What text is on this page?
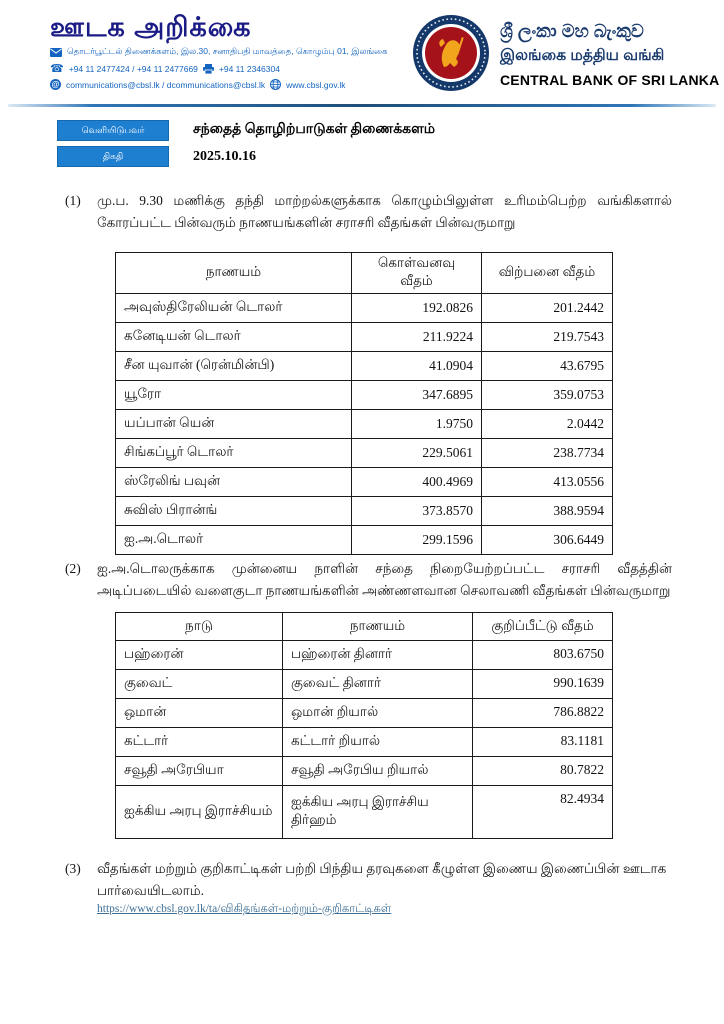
ஊடக அறிக்கை
தொடர்பூட்டல் திணைக்களம், இல.30, சனாதிபதி மாவத்தை, கொழும்பு 01, இலங்கை
☎ +94 11 2477424 / +94 11 2477669 +94 11 2346304
@ communications@cbsl.lk / dcommunications@cbsl.lk www.cbsl.gov.lk
ශ්‍රී ලංකා මහ බැංකුව
இலங்கை மத்திய வங்கி
CENTRAL BANK OF SRI LANKA
வெளியிடுபவர்	சந்தைத் தொழிற்பாடுகள் திணைக்களம்
திகதி	2025.10.16
(1)	மு.ப. 9.30 மணிக்கு தந்தி மாற்றல்களுக்காக கொழும்பிலுள்ள உரிமம்பெற்ற வங்கிகளால் கோரப்பட்ட பின்வரும் நாணயங்களின் சராசரி வீதங்கள் பின்வருமாறு
நாணயம்	கொள்வனவு வீதம்	விற்பனை வீதம்
அவுஸ்திரேலியன் டொலர்	192.0826	201.2442
கனேடியன் டொலர்	211.9224	219.7543
சீன யுவான் (ரென்மின்பி)	41.0904	43.6795
யூரோ	347.6895	359.0753
யப்பான் யென்	1.9750	2.0442
சிங்கப்பூர் டொலர்	229.5061	238.7734
ஸ்ரேலிங் பவுன்	400.4969	413.0556
சுவிஸ் பிரான்ங்	373.8570	388.9594
ஐ.அ.டொலர்	299.1596	306.6449
(2)	ஐ.அ.டொலருக்காக முன்னைய நாளின் சந்தை நிறையேற்றப்பட்ட சராசரி வீதத்தின் அடிப்படையில் வளைகுடா நாணயங்களின் அண்ணளவான செலாவணி வீதங்கள் பின்வருமாறு
நாடு	நாணயம்	குறிப்பீட்டு வீதம்
பஹ்ரைன்	பஹ்ரைன் தினார்	803.6750
குவைட்	குவைட் தினார்	990.1639
ஒமான்	ஒமான் றியால்	786.8822
கட்டார்	கட்டார் றியால்	83.1181
சவூதி அரேபியா	சவூதி அரேபிய றியால்	80.7822
ஐக்கிய அரபு இராச்சியம்	ஐக்கிய அரபு இராச்சிய திர்ஹம்	82.4934
(3)	வீதங்கள் மற்றும் குறிகாட்டிகள் பற்றி பிந்திய தரவுகளை கீழுள்ள இணைய இணைப்பின் ஊடாக பார்வையிடலாம்.
https://www.cbsl.gov.lk/ta/விகிதங்கள்-மற்றும்-குறிகாட்டிகள்
